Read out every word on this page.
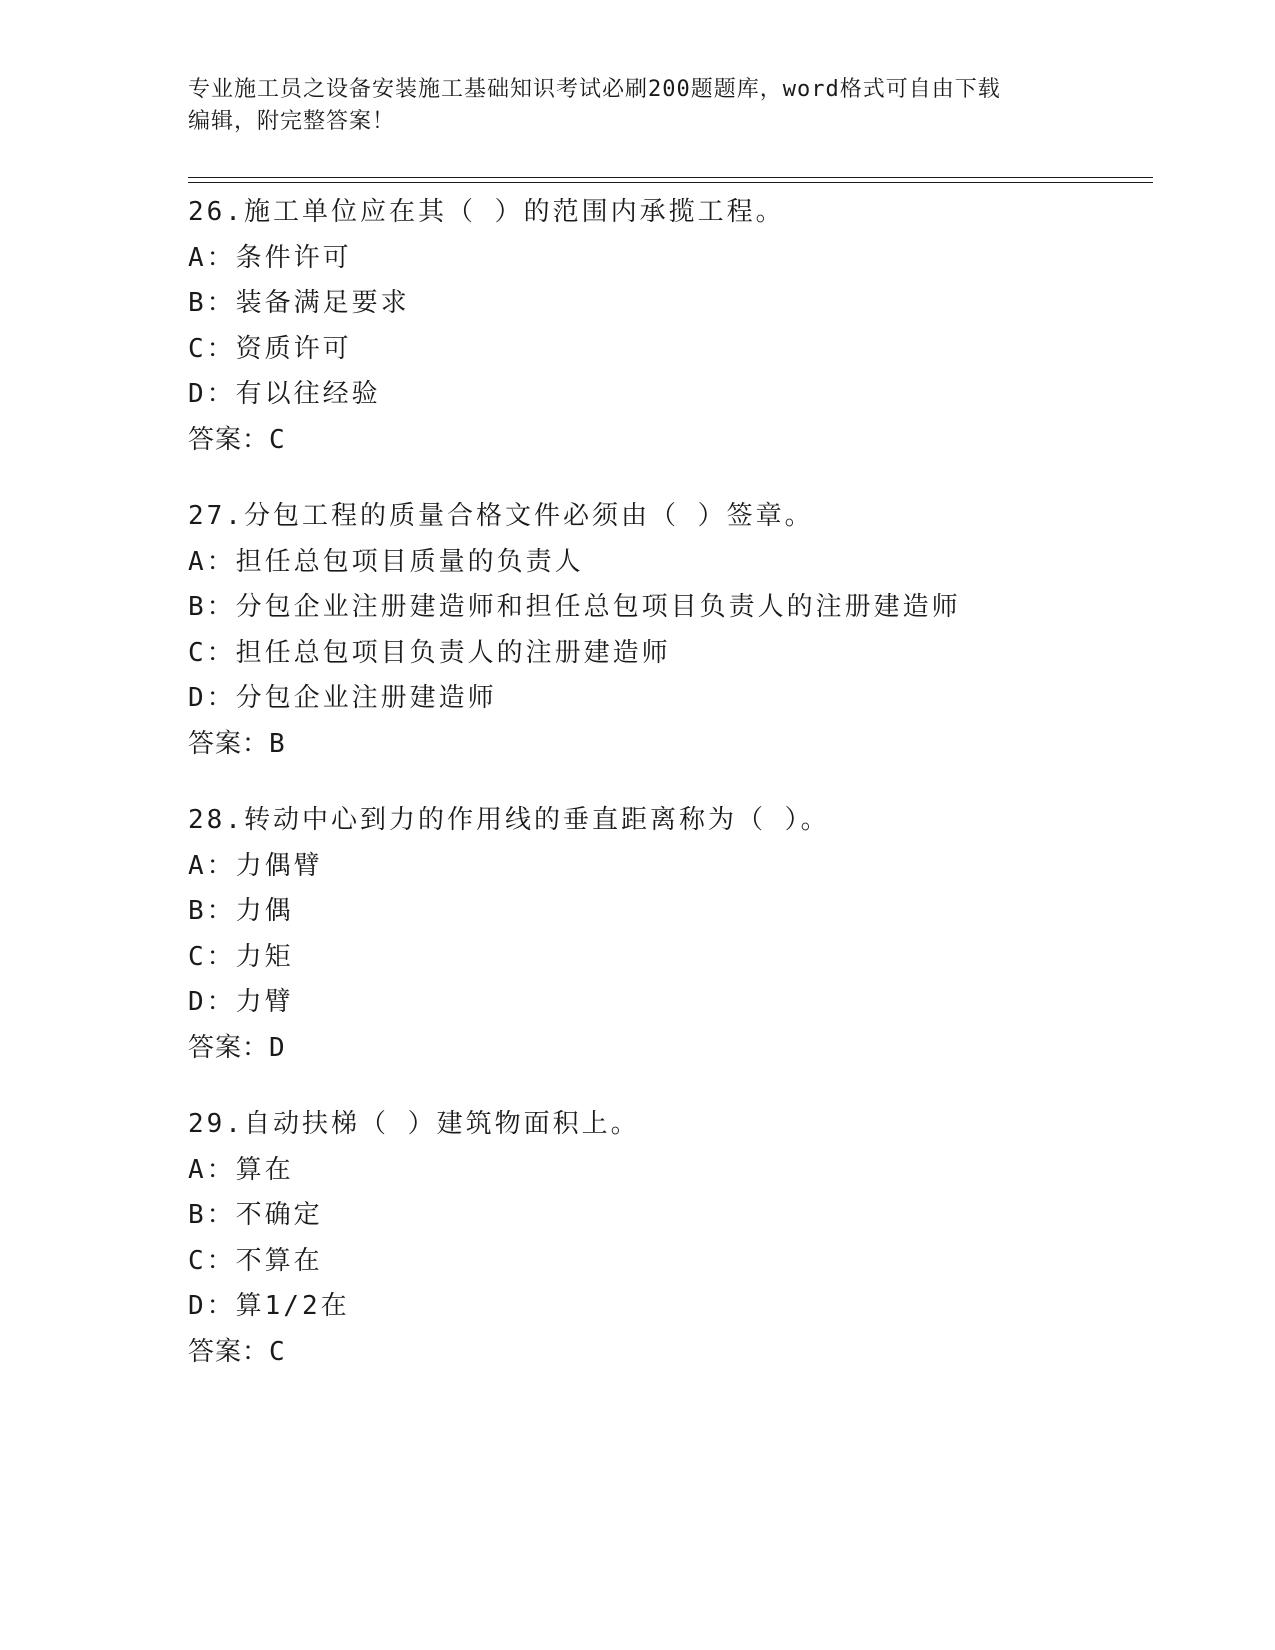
专业施工员之设备安装施工基础知识考试必刷200题题库，word格式可自由下载
编辑，附完整答案！
26.施工单位应在其（ ）的范围内承揽工程。
A：条件许可
B：装备满足要求
C：资质许可
D：有以往经验
答案：C
27.分包工程的质量合格文件必须由（ ）签章。
A：担任总包项目质量的负责人
B：分包企业注册建造师和担任总包项目负责人的注册建造师
C：担任总包项目负责人的注册建造师
D：分包企业注册建造师
答案：B
28.转动中心到力的作用线的垂直距离称为（ ）。
A：力偶臂
B：力偶
C：力矩
D：力臂
答案：D
29.自动扶梯（ ）建筑物面积上。
A：算在
B：不确定
C：不算在
D：算1/2在
答案：C
